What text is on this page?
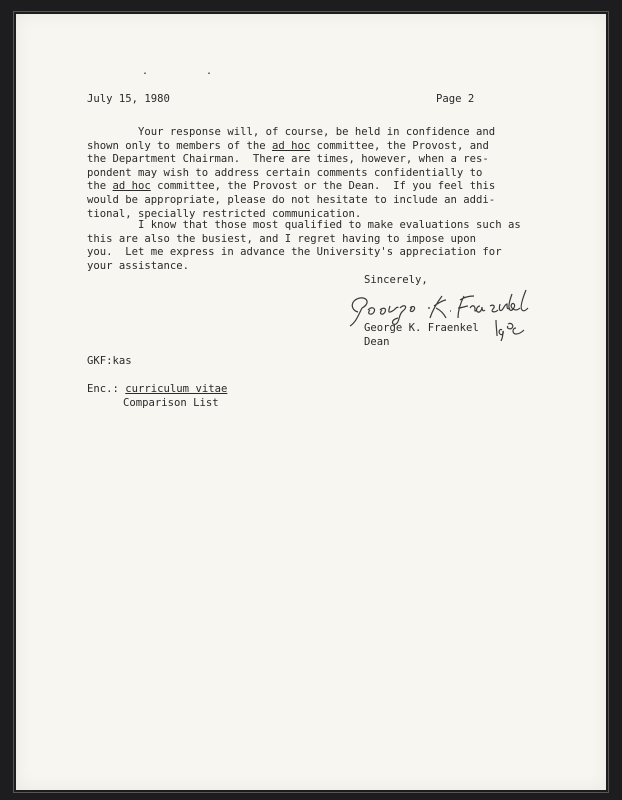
. .
July 15, 1980	Page 2
Your response will, of course, be held in confidence and
shown only to members of the ad hoc committee, the Provost, and
the Department Chairman.  There are times, however, when a res-
pondent may wish to address certain comments confidentially to
the ad hoc committee, the Provost or the Dean.  If you feel this
would be appropriate, please do not hesitate to include an addi-
tional, specially restricted communication.
I know that those most qualified to make evaluations such as
this are also the busiest, and I regret having to impose upon
you.  Let me express in advance the University's appreciation for
your assistance.
Sincerely,
George K. Fraenkel
Dean
GKF:kas
Enc.: curriculum vitae
Comparison List
